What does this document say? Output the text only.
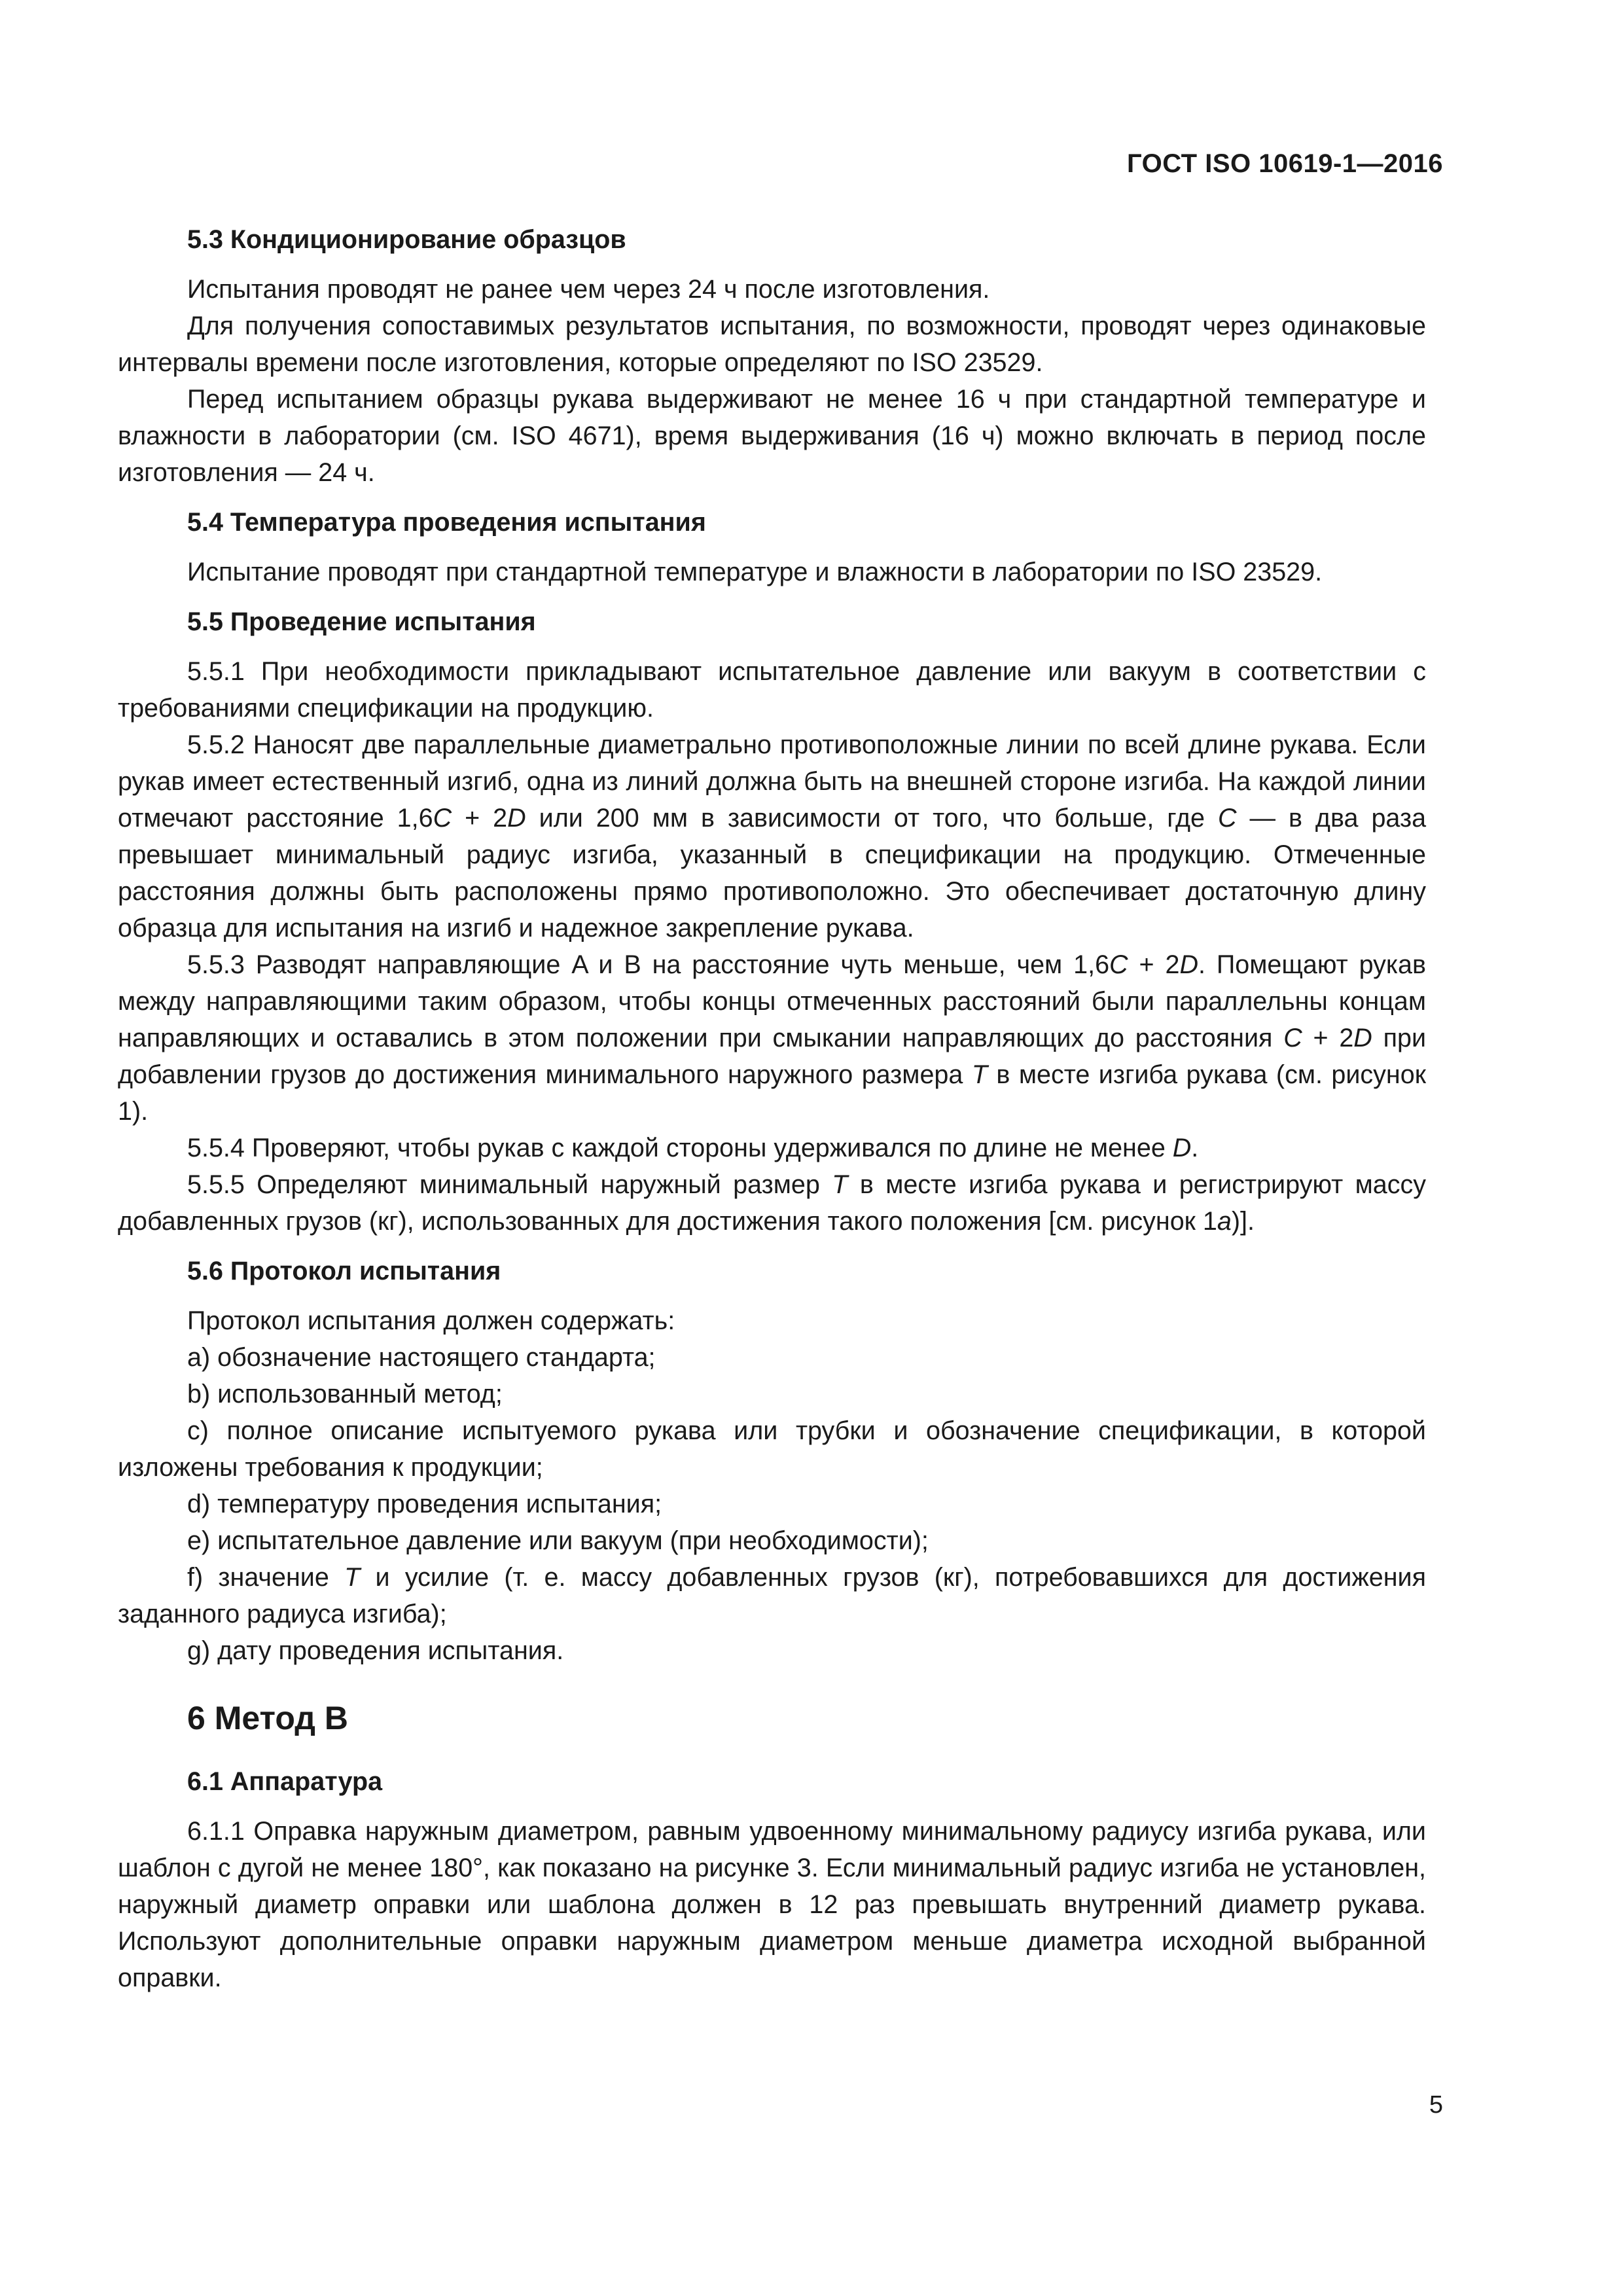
ГОСТ ISO 10619-1—2016
5.3 Кондиционирование образцов

Испытания проводят не ранее чем через 24 ч после изготовления.

Для получения сопоставимых результатов испытания, по возможности, проводят через одинаковые интервалы времени после изготовления, которые определяют по ISO 23529.

Перед испытанием образцы рукава выдерживают не менее 16 ч при стандартной температуре и влажности в лаборатории (см. ISO 4671), время выдерживания (16 ч) можно включать в период после изготовления — 24 ч.

5.4 Температура проведения испытания

Испытание проводят при стандартной температуре и влажности в лаборатории по ISO 23529.

5.5 Проведение испытания

5.5.1 При необходимости прикладывают испытательное давление или вакуум в соответствии с требованиями спецификации на продукцию.

5.5.2 Наносят две параллельные диаметрально противоположные линии по всей длине рукава. Если рукав имеет естественный изгиб, одна из линий должна быть на внешней стороне изгиба. На каждой линии отмечают расстояние 1,6C + 2D или 200 мм в зависимости от того, что больше, где C — в два раза превышает минимальный радиус изгиба, указанный в спецификации на продукцию. Отмеченные расстояния должны быть расположены прямо противоположно. Это обеспечивает достаточную длину образца для испытания на изгиб и надежное закрепление рукава.

5.5.3 Разводят направляющие A и B на расстояние чуть меньше, чем 1,6C + 2D. Помещают рукав между направляющими таким образом, чтобы концы отмеченных расстояний были параллельны концам направляющих и оставались в этом положении при смыкании направляющих до расстояния C + 2D при добавлении грузов до достижения минимального наружного размера T в месте изгиба рукава (см. рисунок 1).

5.5.4 Проверяют, чтобы рукав с каждой стороны удерживался по длине не менее D.

5.5.5 Определяют минимальный наружный размер T в месте изгиба рукава и регистрируют массу добавленных грузов (кг), использованных для достижения такого положения [см. рисунок 1a)].

5.6 Протокол испытания

Протокол испытания должен содержать:

a) обозначение настоящего стандарта;

b) использованный метод;

c) полное описание испытуемого рукава или трубки и обозначение спецификации, в которой изложены требования к продукции;

d) температуру проведения испытания;

e) испытательное давление или вакуум (при необходимости);

f) значение T и усилие (т. е. массу добавленных грузов (кг), потребовавшихся для достижения заданного радиуса изгиба);

g) дату проведения испытания.

6 Метод B
6.1 Аппаратура

6.1.1 Оправка наружным диаметром, равным удвоенному минимальному радиусу изгиба рукава, или шаблон с дугой не менее 180°, как показано на рисунке 3. Если минимальный радиус изгиба не установлен, наружный диаметр оправки или шаблона должен в 12 раз превышать внутренний диаметр рукава. Используют дополнительные оправки наружным диаметром меньше диаметра исходной выбранной оправки.

5
